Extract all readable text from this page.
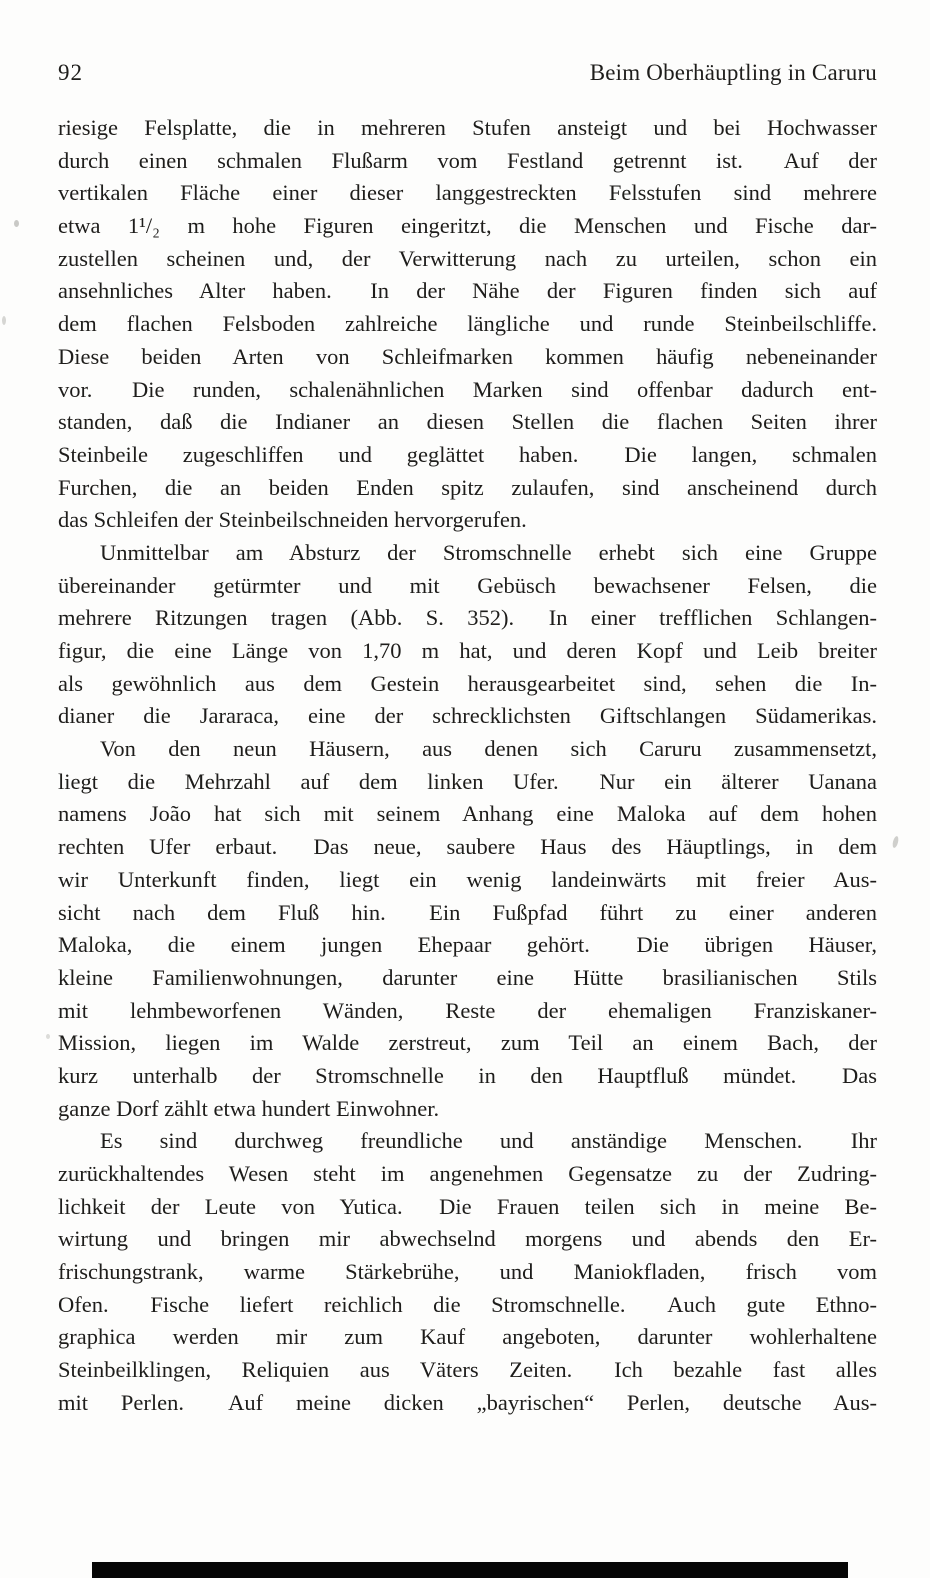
92	Beim Oberhäuptling in Caruru
riesige Felsplatte, die in mehreren Stufen ansteigt und bei Hochwasser
durch einen schmalen Flußarm vom Festland getrennt ist.  Auf der
vertikalen Fläche einer dieser langgestreckten Felsstufen sind mehrere
etwa 1¹/₂ m hohe Figuren eingeritzt, die Menschen und Fische dar-
zustellen scheinen und, der Verwitterung nach zu urteilen, schon ein
ansehnliches Alter haben.  In der Nähe der Figuren finden sich auf
dem flachen Felsboden zahlreiche längliche und runde Steinbeilschliffe.
Diese beiden Arten von Schleifmarken kommen häufig nebeneinander
vor.  Die runden, schalenähnlichen Marken sind offenbar dadurch ent-
standen, daß die Indianer an diesen Stellen die flachen Seiten ihrer
Steinbeile zugeschliffen und geglättet haben.  Die langen, schmalen
Furchen, die an beiden Enden spitz zulaufen, sind anscheinend durch
das Schleifen der Steinbeilschneiden hervorgerufen.
Unmittelbar am Absturz der Stromschnelle erhebt sich eine Gruppe
übereinander getürmter und mit Gebüsch bewachsener Felsen, die
mehrere Ritzungen tragen (Abb. S. 352).  In einer trefflichen Schlangen-
figur, die eine Länge von 1,70 m hat, und deren Kopf und Leib breiter
als gewöhnlich aus dem Gestein herausgearbeitet sind, sehen die In-
dianer die Jararaca, eine der schrecklichsten Giftschlangen Südamerikas.
Von den neun Häusern, aus denen sich Caruru zusammensetzt,
liegt die Mehrzahl auf dem linken Ufer.  Nur ein älterer Uanana
namens João hat sich mit seinem Anhang eine Maloka auf dem hohen
rechten Ufer erbaut.  Das neue, saubere Haus des Häuptlings, in dem
wir Unterkunft finden, liegt ein wenig landeinwärts mit freier Aus-
sicht nach dem Fluß hin.  Ein Fußpfad führt zu einer anderen
Maloka, die einem jungen Ehepaar gehört.  Die übrigen Häuser,
kleine Familienwohnungen, darunter eine Hütte brasilianischen Stils
mit lehmbeworfenen Wänden, Reste der ehemaligen Franziskaner-
Mission, liegen im Walde zerstreut, zum Teil an einem Bach, der
kurz unterhalb der Stromschnelle in den Hauptfluß mündet.  Das
ganze Dorf zählt etwa hundert Einwohner.
Es sind durchweg freundliche und anständige Menschen.  Ihr
zurückhaltendes Wesen steht im angenehmen Gegensatze zu der Zudring-
lichkeit der Leute von Yutica.  Die Frauen teilen sich in meine Be-
wirtung und bringen mir abwechselnd morgens und abends den Er-
frischungstrank, warme Stärkebrühe, und Maniokfladen, frisch vom
Ofen.  Fische liefert reichlich die Stromschnelle.  Auch gute Ethno-
graphica werden mir zum Kauf angeboten, darunter wohlerhaltene
Steinbeilklingen, Reliquien aus Väters Zeiten.  Ich bezahle fast alles
mit Perlen.  Auf meine dicken „bayrischen“ Perlen, deutsche Aus-
